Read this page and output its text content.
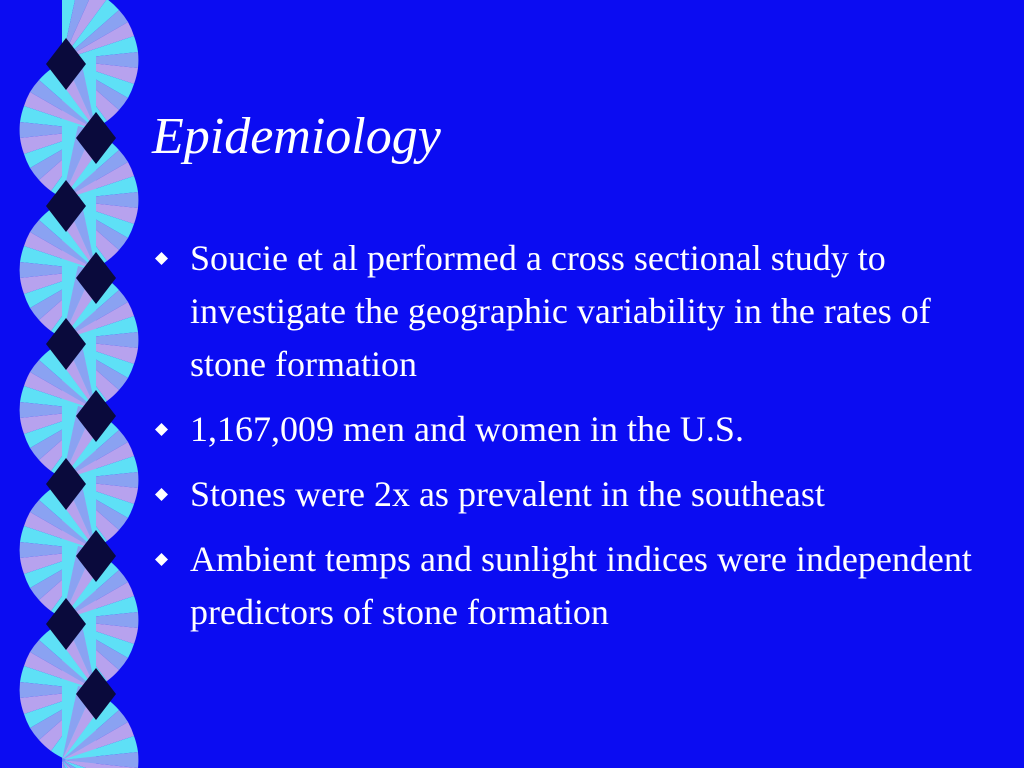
Epidemiology
Soucie et al performed a cross sectional study to investigate the geographic variability in the rates of stone formation
1,167,009 men and women in the U.S.
Stones were 2x as prevalent in the southeast
Ambient temps and sunlight indices were independent predictors of stone formation
